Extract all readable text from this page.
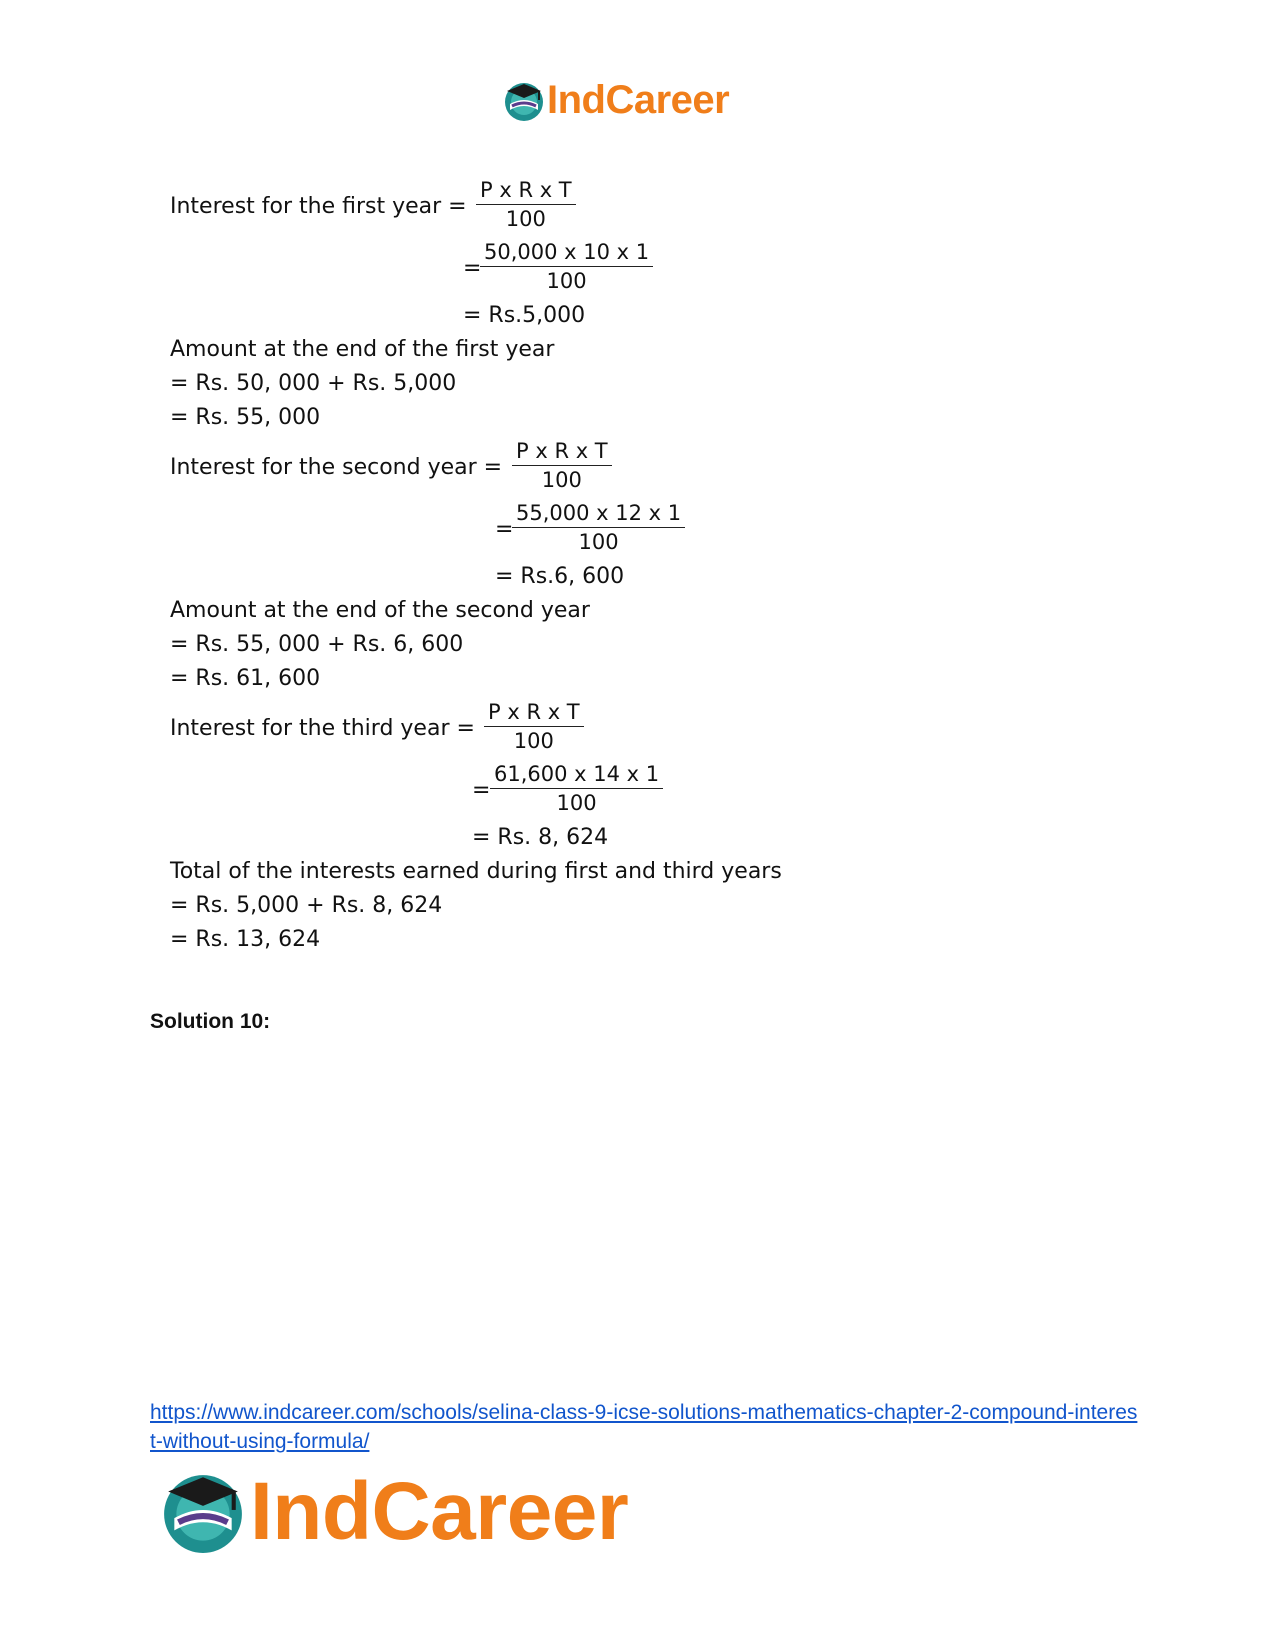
IndCareer
Interest for the first year = $\frac{\text{P x R x T}}{100}$
=
$\frac{50,000 x 10 x 1}{100}$
= Rs.5,000
Amount at the end of the first year
= Rs. 50, 000 + Rs. 5,000
= Rs. 55, 000
Interest for the second year = $\frac{\text{P x R x T}}{100}$
=
$\frac{55,000 x 12 x 1}{100}$
= Rs.6, 600
Amount at the end of the second year
= Rs. 55, 000 + Rs. 6, 600
= Rs. 61, 600
Interest for the third year = $\frac{\text{P x R x T}}{100}$
= $\frac{61,600 x 14 x 1}{100}$
= Rs. 8, 624
Total of the interests earned during first and third years
= Rs. 5,000 + Rs. 8, 624
= Rs. 13, 624
Solution 10:
https://www.indcareer.com/schools/selina-class-9-icse-solutions-mathematics-chapter-2-compound-interest-without-using-formula/
IndCareer
